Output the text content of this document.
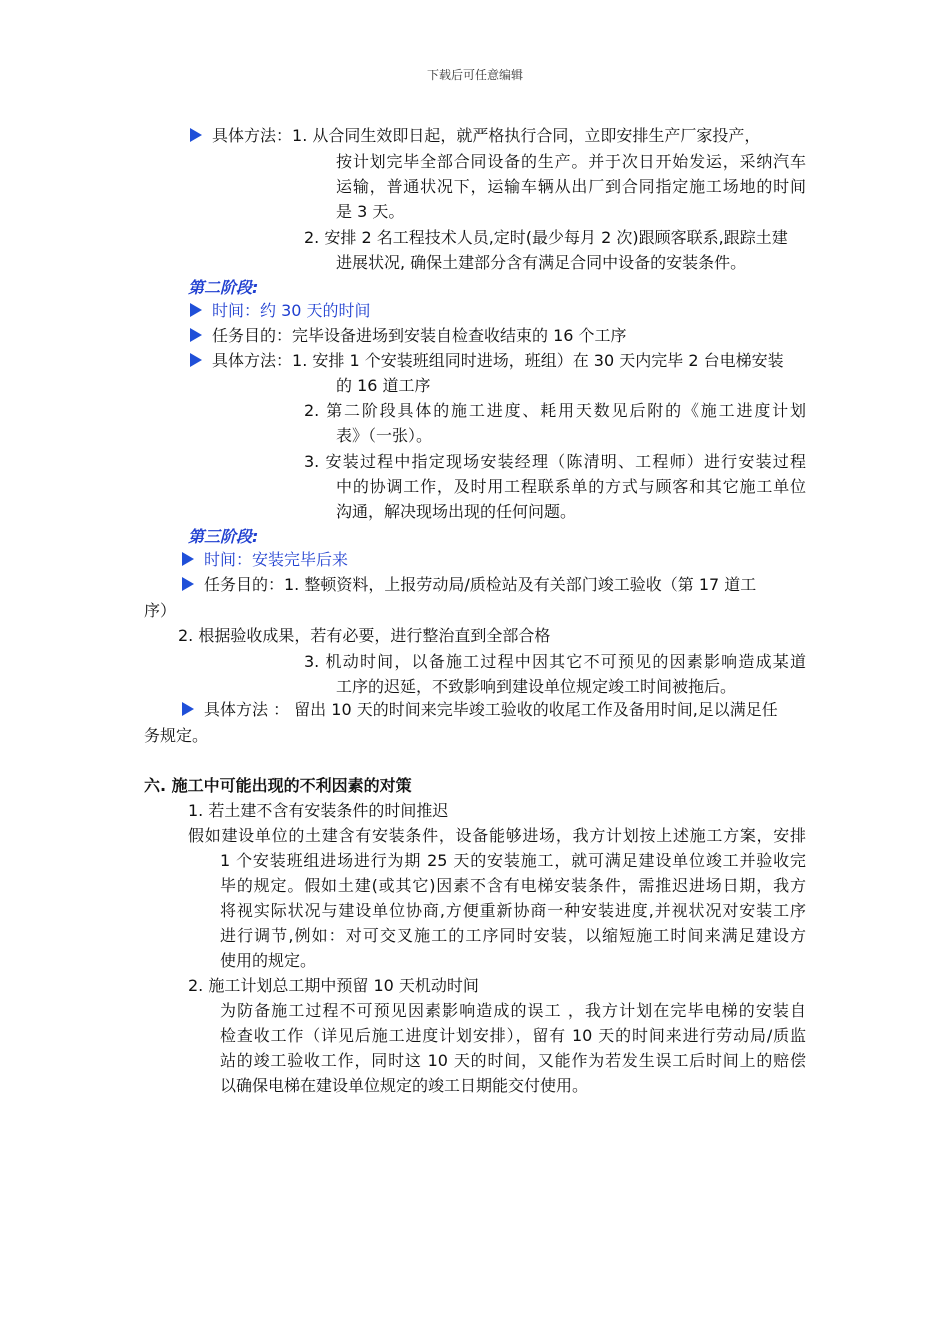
下载后可任意编辑
具体方法：1. 从合同生效即日起，就严格执行合同，立即安排生产厂家投产，
按计划完毕全部合同设备的生产。并于次日开始发运，采纳汽车
运输，普通状况下，运输车辆从出厂到合同指定施工场地的时间
是 3 天。
2. 安排 2 名工程技术人员,定时(最少每月 2 次)跟顾客联系,跟踪土建
进展状况, 确保土建部分含有满足合同中设备的安装条件。
第二阶段:
时间：约 30 天的时间
任务目的：完毕设备进场到安装自检查收结束的 16 个工序
具体方法：1. 安排 1 个安装班组同时进场，班组）在 30 天内完毕 2 台电梯安装
的 16 道工序
2. 第二阶段具体的施工进度、耗用天数见后附的《施工进度计划
表》（一张）。
3. 安装过程中指定现场安装经理（陈清明、工程师）进行安装过程
中的协调工作，及时用工程联系单的方式与顾客和其它施工单位
沟通，解决现场出现的任何问题。
第三阶段:
时间：安装完毕后来
任务目的：1. 整顿资料，上报劳动局/质检站及有关部门竣工验收（第 17 道工
序）
2. 根据验收成果，若有必要，进行整治直到全部合格
3. 机动时间，以备施工过程中因其它不可预见的因素影响造成某道
工序的迟延，不致影响到建设单位规定竣工时间被拖后。
具体方法 ： 留出 10 天的时间来完毕竣工验收的收尾工作及备用时间,足以满足任
务规定。
六. 施工中可能出现的不利因素的对策
1. 若土建不含有安装条件的时间推迟
假如建设单位的土建含有安装条件，设备能够进场，我方计划按上述施工方案，安排
1 个安装班组进场进行为期 25 天的安装施工，就可满足建设单位竣工并验收完
毕的规定。假如土建(或其它)因素不含有电梯安装条件，需推迟进场日期，我方
将视实际状况与建设单位协商,方便重新协商一种安装进度,并视状况对安装工序
进行调节,例如：对可交叉施工的工序同时安装，以缩短施工时间来满足建设方
使用的规定。
2. 施工计划总工期中预留 10 天机动时间
为防备施工过程不可预见因素影响造成的误工 ，我方计划在完毕电梯的安装自
检查收工作（详见后施工进度计划安排），留有 10 天的时间来进行劳动局/质监
站的竣工验收工作，同时这 10 天的时间，又能作为若发生误工后时间上的赔偿
以确保电梯在建设单位规定的竣工日期能交付使用。
